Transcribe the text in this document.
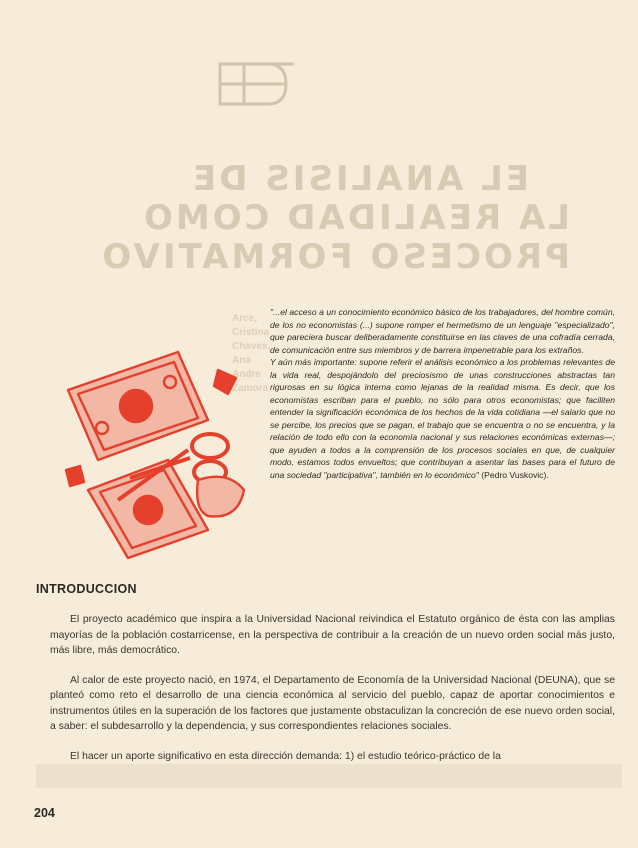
EL ANALISIS DE
LA REALIDAD COMO
PROCESO FORMATIVO
Arce,
Cristina
Chaves,
Ana
Andre
Zamora

"...el acceso a un conocimiento económico básico de los trabajadores, del hombre común, de los no economistas (...) supone romper el hermetismo de un lenguaje "especializado", que pareciera buscar deliberadamente constituirse en las claves de una cofradía cerrada, de comunicación entre sus miembros y de barrera impenetrable para los extraños.

Y aún más importante: supone referir el análisis económico a los problemas relevantes de la vida real, despojándolo del preciosismo de unas construcciones abstractas tan rigurosas en su lógica interna como lejanas de la realidad misma. Es decir, que los economistas escriban para el pueblo, no sólo para otros economistas; que faciliten entender la significación económica de los hechos de la vida cotidiana —el salario que no se percibe, los precios que se pagan, el trabajo que se encuentra o no se encuentra, y la relación de todo ello con la economía nacional y sus relaciones económicas externas—; que ayuden a todos a la comprensión de los procesos sociales en que, de cualquier modo, estamos todos envueltos; que contribuyan a asentar las bases para el futuro de una sociedad "participativa", también en lo económico" (Pedro Vuskovic).

INTRODUCCION

El proyecto académico que inspira a la Universidad Nacional reivindica el Estatuto orgánico de ésta con las amplias mayorías de la población costarricense, en la perspectiva de contribuir a la creación de un nuevo orden social más justo, más libre, más democrático.

Al calor de este proyecto nació, en 1974, el Departamento de Economía de la Universidad Nacional (DEUNA), que se planteó como reto el desarrollo de una ciencia económica al servicio del pueblo, capaz de aportar conocimientos e instrumentos útiles en la superación de los factores que justamente obstaculizan la concreción de ese nuevo orden social, a saber: el subdesarrollo y la dependencia, y sus correspondientes relaciones sociales.

El hacer un aporte significativo en esta dirección demanda: 1) el estudio teórico-práctico de la

204
